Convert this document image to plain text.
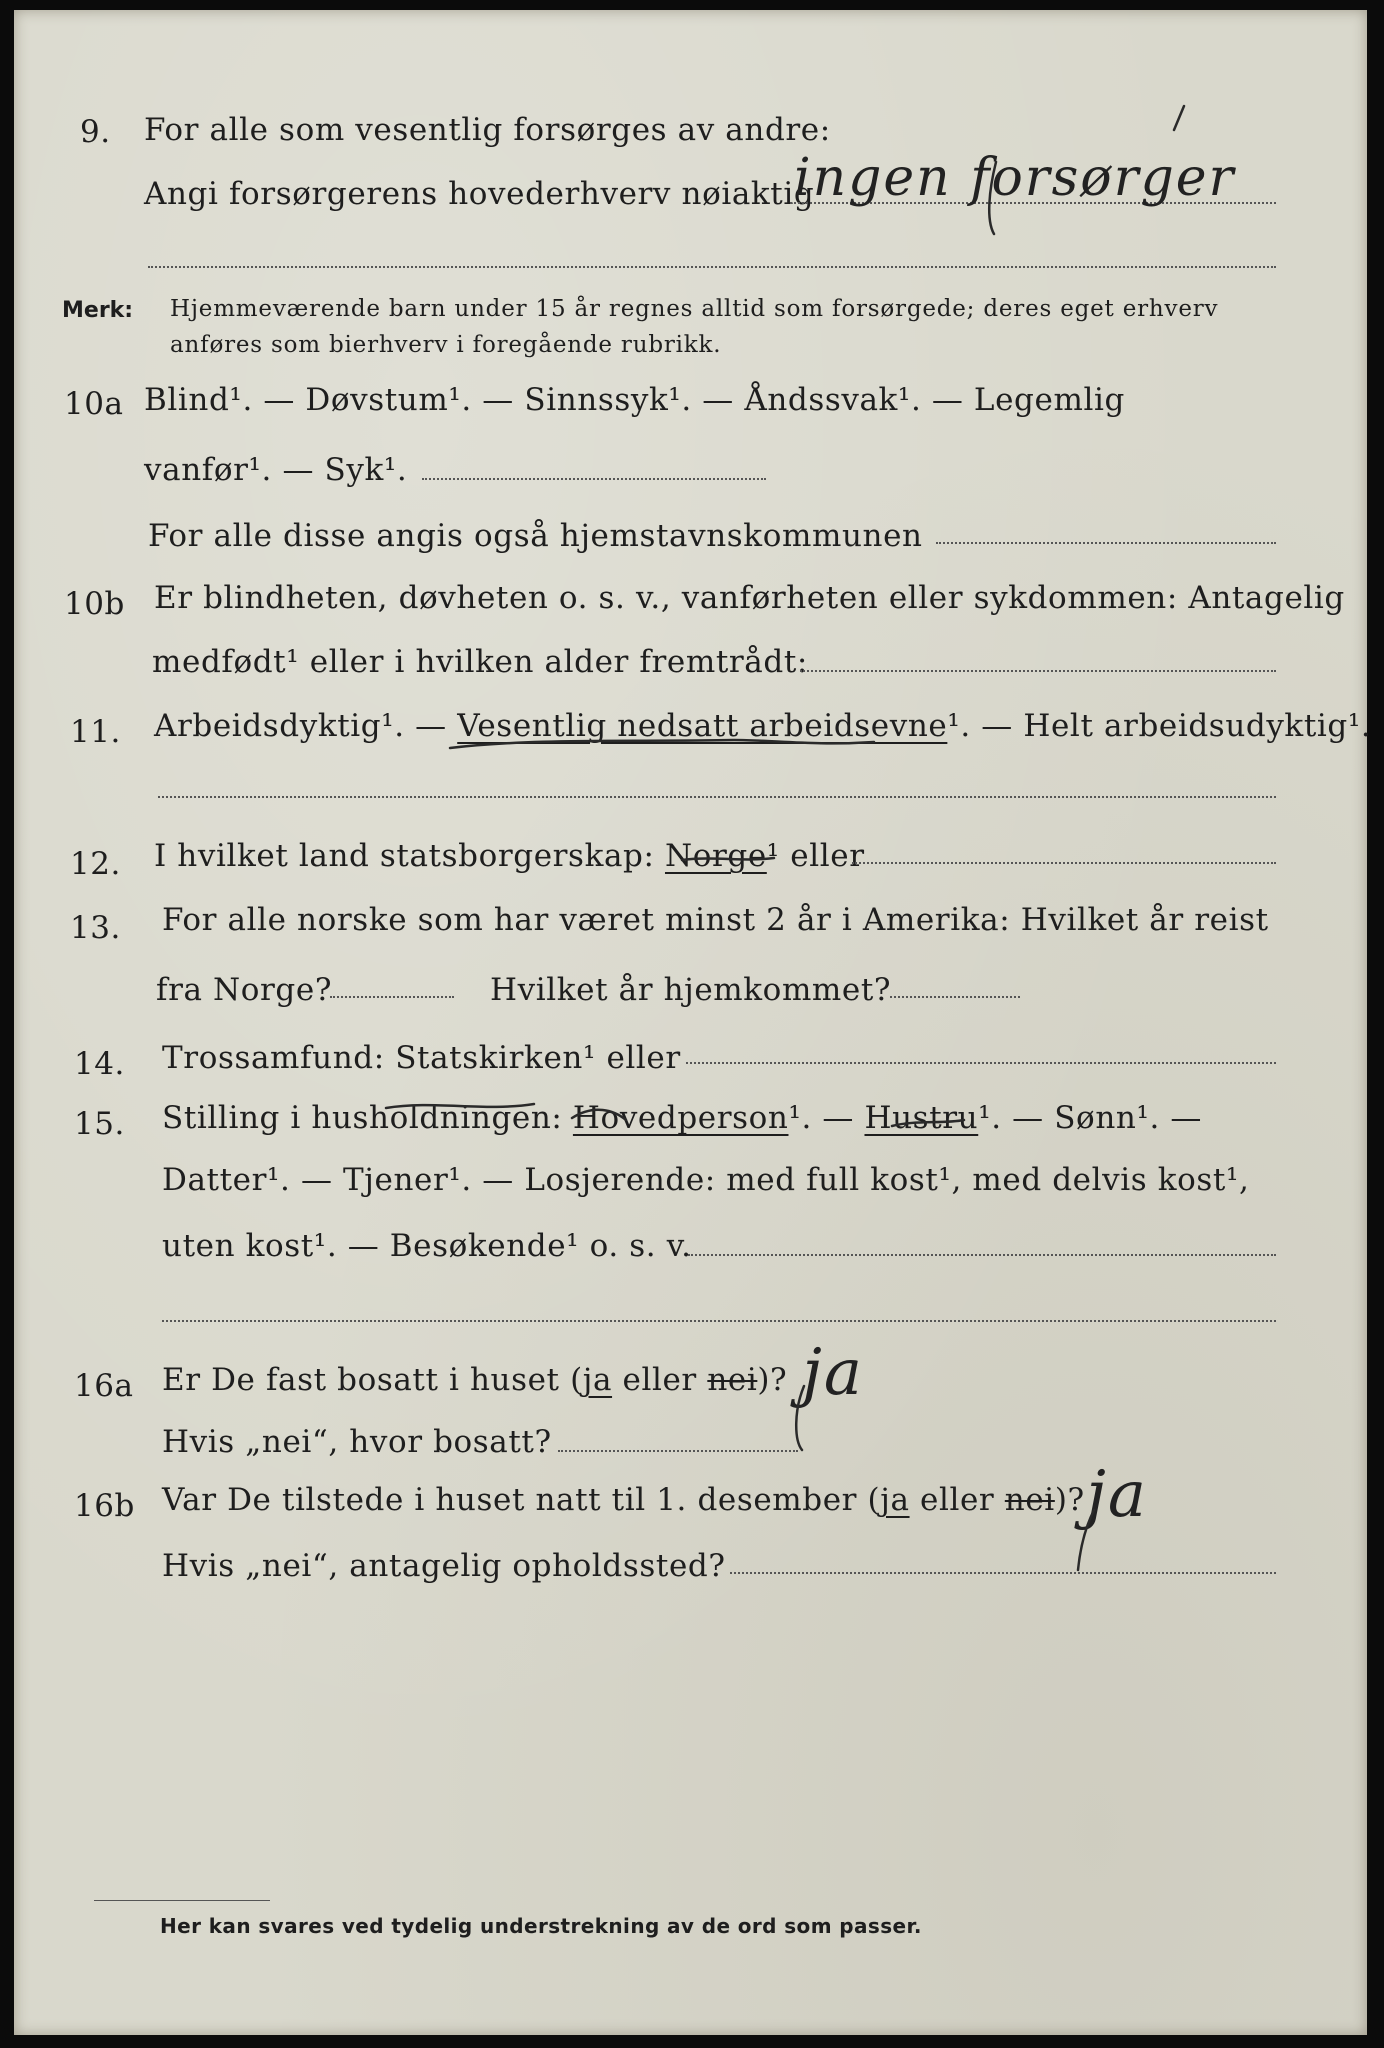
9. For alle som vesentlig forsørges av andre:
Angi forsørgerens hovederhverv nøiaktig
ingen forsørger
Merk: Hjemmeværende barn under 15 år regnes alltid som forsørgede; deres eget erhverv
anføres som bierhverv i foregående rubrikk.
10a Blind¹. — Døvstum¹. — Sinnssyk¹. — Åndssvak¹. — Legemlig
vanfør¹. — Syk¹.
For alle disse angis også hjemstavnskommunen
10b Er blindheten, døvheten o. s. v., vanførheten eller sykdommen: Antagelig
medfødt¹ eller i hvilken alder fremtrådt:
11. Arbeidsdyktig¹. — Vesentlig nedsatt arbeidsevne¹. — Helt arbeidsudyktig¹.
12. I hvilket land statsborgerskap: Norge¹ eller
13. For alle norske som har været minst 2 år i Amerika: Hvilket år reist
fra Norge?	Hvilket år hjemkommet?
14. Trossamfund: Statskirken¹ eller
15. Stilling i husholdningen: Hovedperson¹. — Hustru¹. — Sønn¹. —
Datter¹. — Tjener¹. — Losjerende: med full kost¹, med delvis kost¹,
uten kost¹. — Besøkende¹ o. s. v.
16a Er De fast bosatt i huset (ja eller nei)? ja
Hvis „nei“, hvor bosatt?
16b Var De tilstede i huset natt til 1. desember (ja eller nei)? ja
Hvis „nei“, antagelig opholdssted?
Her kan svares ved tydelig understrekning av de ord som passer.
